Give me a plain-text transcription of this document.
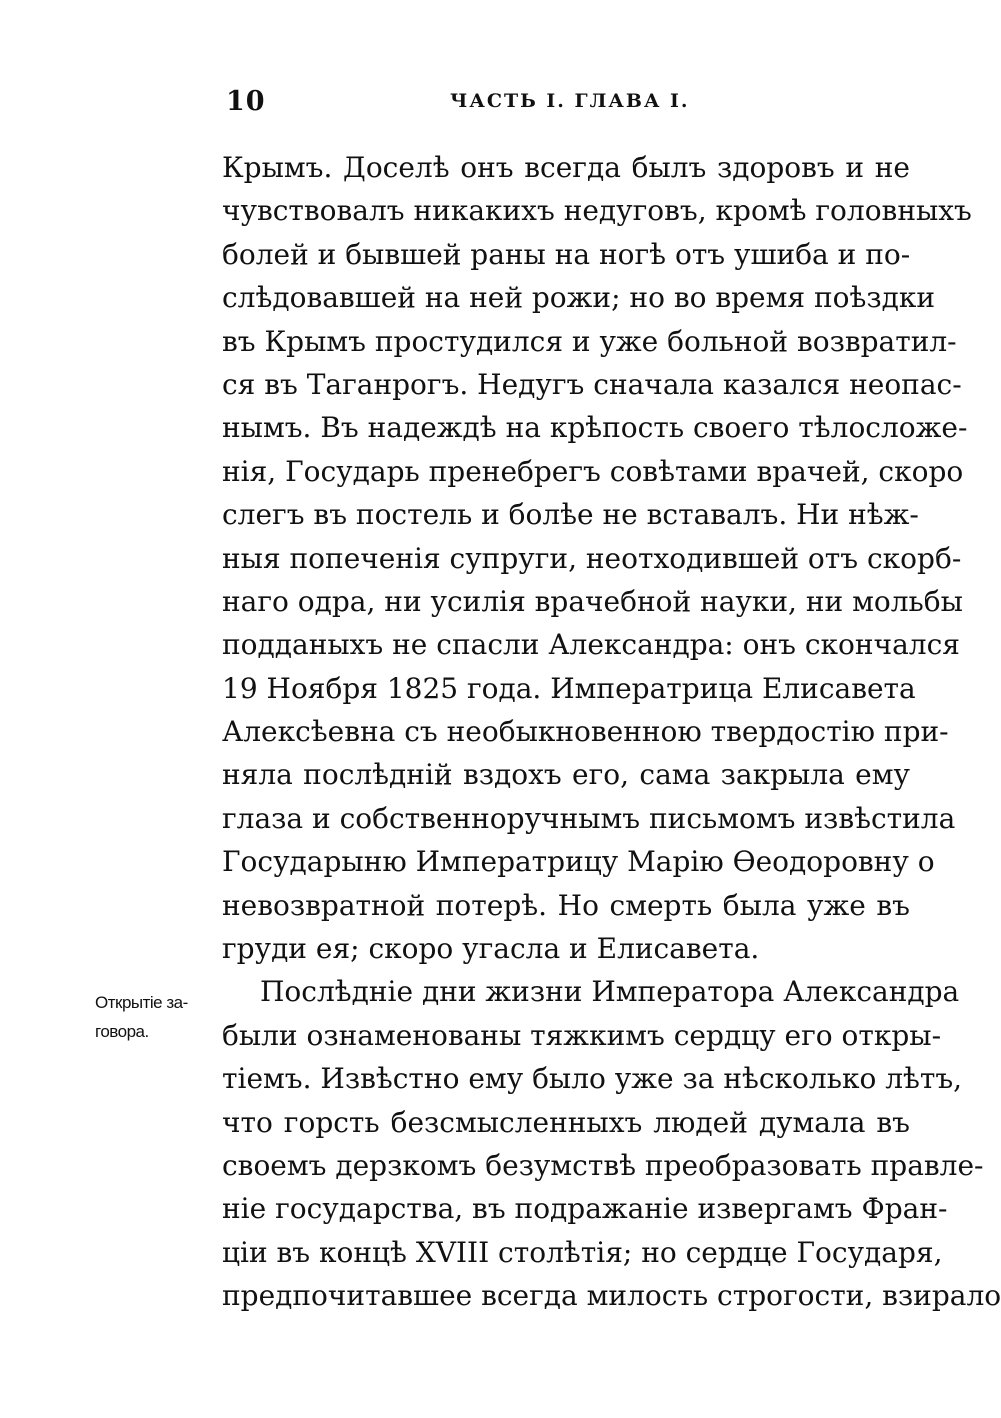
10	ЧАСТЬ I. ГЛАВА I.
Открытіе за-
говора.
Крымъ. Доселѣ онъ всегда былъ здоровъ и не
чувствовалъ никакихъ недуговъ, кромѣ головныхъ
болей и бывшей раны на ногѣ отъ ушиба и по-
слѣдовавшей на ней рожи; но во время поѣздки
въ Крымъ простудился и уже больной возвратил-
ся въ Таганрогъ. Недугъ сначала казался неопас-
нымъ. Въ надеждѣ на крѣпость своего тѣлосложе-
нія, Государь пренебрегъ совѣтами врачей, скоро
слегъ въ постель и болѣе не вставалъ. Ни нѣж-
ныя попеченія супруги, неотходившей отъ скорб-
наго одра, ни усилія врачебной науки, ни мольбы
подданыхъ не спасли Александра: онъ скончался
19 Ноября 1825 года. Императрица Елисавета
Алексѣевна съ необыкновенною твердостію при-
няла послѣдній вздохъ его, сама закрыла ему
глаза и собственноручнымъ письмомъ извѣстила
Государыню Императрицу Марію Ѳеодоровну о
невозвратной потерѣ. Но смерть была уже въ
груди ея; скоро угасла и Елисавета.
Послѣдніе дни жизни Императора Александра
были ознаменованы тяжкимъ сердцу его откры-
тіемъ. Извѣстно ему было уже за нѣсколько лѣтъ,
что горсть безсмысленныхъ людей думала въ
своемъ дерзкомъ безумствѣ преобразовать правле-
ніе государства, въ подражаніе извергамъ Фран-
ціи въ концѣ XVIII столѣтія; но сердце Государя,
предпочитавшее всегда милость строгости, взирало
